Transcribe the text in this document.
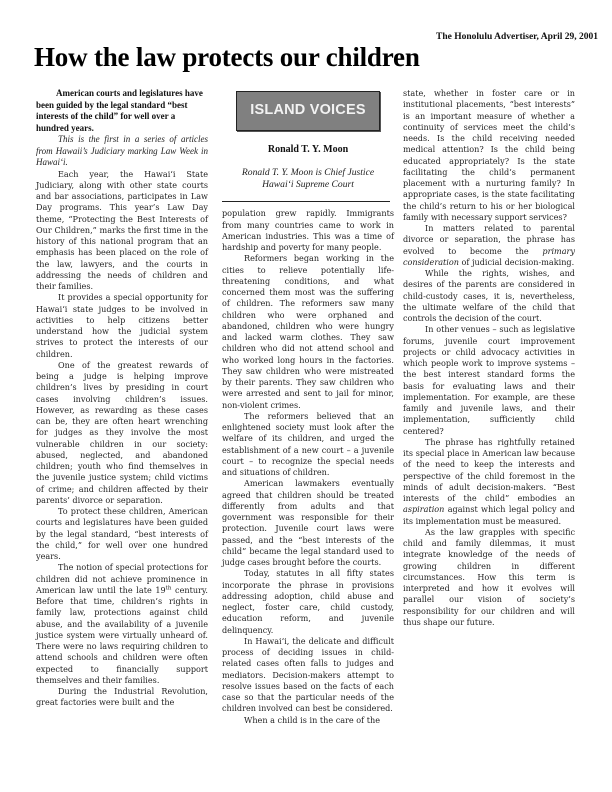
The Honolulu Advertiser, April 29, 2001
How the law protects our children

American courts and legislatures have been guided by the legal standard “best interests of the child” for well over a hundred years.

This is the first in a series of articles from Hawaii’s Judiciary marking Law Week in Hawai‘i.

Each year, the Hawai‘i State Judiciary, along with other state courts and bar associations, participates in Law Day programs. This year’s Law Day theme, “Protecting the Best Interests of Our Children,” marks the first time in the history of this national program that an emphasis has been placed on the role of the law, lawyers, and the courts in addressing the needs of children and their families.

It provides a special opportunity for Hawai‘i state judges to be involved in activities to help citizens better understand how the judicial system strives to protect the interests of our children.

One of the greatest rewards of being a judge is helping improve children’s lives by presiding in court cases involving children’s issues. However, as rewarding as these cases can be, they are often heart wrenching for judges as they involve the most vulnerable children in our society: abused, neglected, and abandoned children; youth who find themselves in the juvenile justice system; child victims of crime; and children affected by their parents’ divorce or separation.

To protect these children, American courts and legislatures have been guided by the legal standard, “best interests of the child,” for well over one hundred years.

The notion of special protections for children did not achieve prominence in American law until the late 19th century. Before that time, children’s rights in family law, protections against child abuse, and the availability of a juvenile justice system were virtually unheard of. There were no laws requiring children to attend schools and children were often expected to financially support themselves and their families.

During the Industrial Revolution, great factories were built and the

ISLAND VOICES
Ronald T. Y. Moon
Ronald T. Y. Moon is Chief Justice
Hawai‘i Supreme Court

population grew rapidly. Immigrants from many countries came to work in American industries. This was a time of hardship and poverty for many people.

Reformers began working in the cities to relieve potentially life-threatening conditions, and what concerned them most was the suffering of children. The reformers saw many children who were orphaned and abandoned, children who were hungry and lacked warm clothes. They saw children who did not attend school and who worked long hours in the factories. They saw children who were mistreated by their parents. They saw children who were arrested and sent to jail for minor, non-violent crimes.

The reformers believed that an enlightened society must look after the welfare of its children, and urged the establishment of a new court – a juvenile court – to recognize the special needs and situations of children.

American lawmakers eventually agreed that children should be treated differently from adults and that government was responsible for their protection. Juvenile court laws were passed, and the “best interests of the child” became the legal standard used to judge cases brought before the courts.

Today, statutes in all fifty states incorporate the phrase in provisions addressing adoption, child abuse and neglect, foster care, child custody, education reform, and juvenile delinquency.

In Hawai‘i, the delicate and difficult process of deciding issues in child-related cases often falls to judges and mediators. Decision-makers attempt to resolve issues based on the facts of each case so that the particular needs of the children involved can best be considered.

When a child is in the care of the

state, whether in foster care or in institutional placements, “best interests” is an important measure of whether a continuity of services meet the child’s needs. Is the child receiving needed medical attention? Is the child being educated appropriately? Is the state facilitating the child’s permanent placement with a nurturing family? In appropriate cases, is the state facilitating the child’s return to his or her biological family with necessary support services?

In matters related to parental divorce or separation, the phrase has evolved to become the primary consideration of judicial decision-making.

While the rights, wishes, and desires of the parents are considered in child-custody cases, it is, nevertheless, the ultimate welfare of the child that controls the decision of the court.

In other venues – such as legislative forums, juvenile court improvement projects or child advocacy activities in which people work to improve systems – the best interest standard forms the basis for evaluating laws and their implementation. For example, are these family and juvenile laws, and their implementation, sufficiently child centered?

The phrase has rightfully retained its special place in American law because of the need to keep the interests and perspective of the child foremost in the minds of adult decision-makers. “Best interests of the child” embodies an aspiration against which legal policy and its implementation must be measured.

As the law grapples with specific child and family dilemmas, it must integrate knowledge of the needs of growing children in different circumstances. How this term is interpreted and how it evolves will parallel our vision of society’s responsibility for our children and will thus shape our future.
